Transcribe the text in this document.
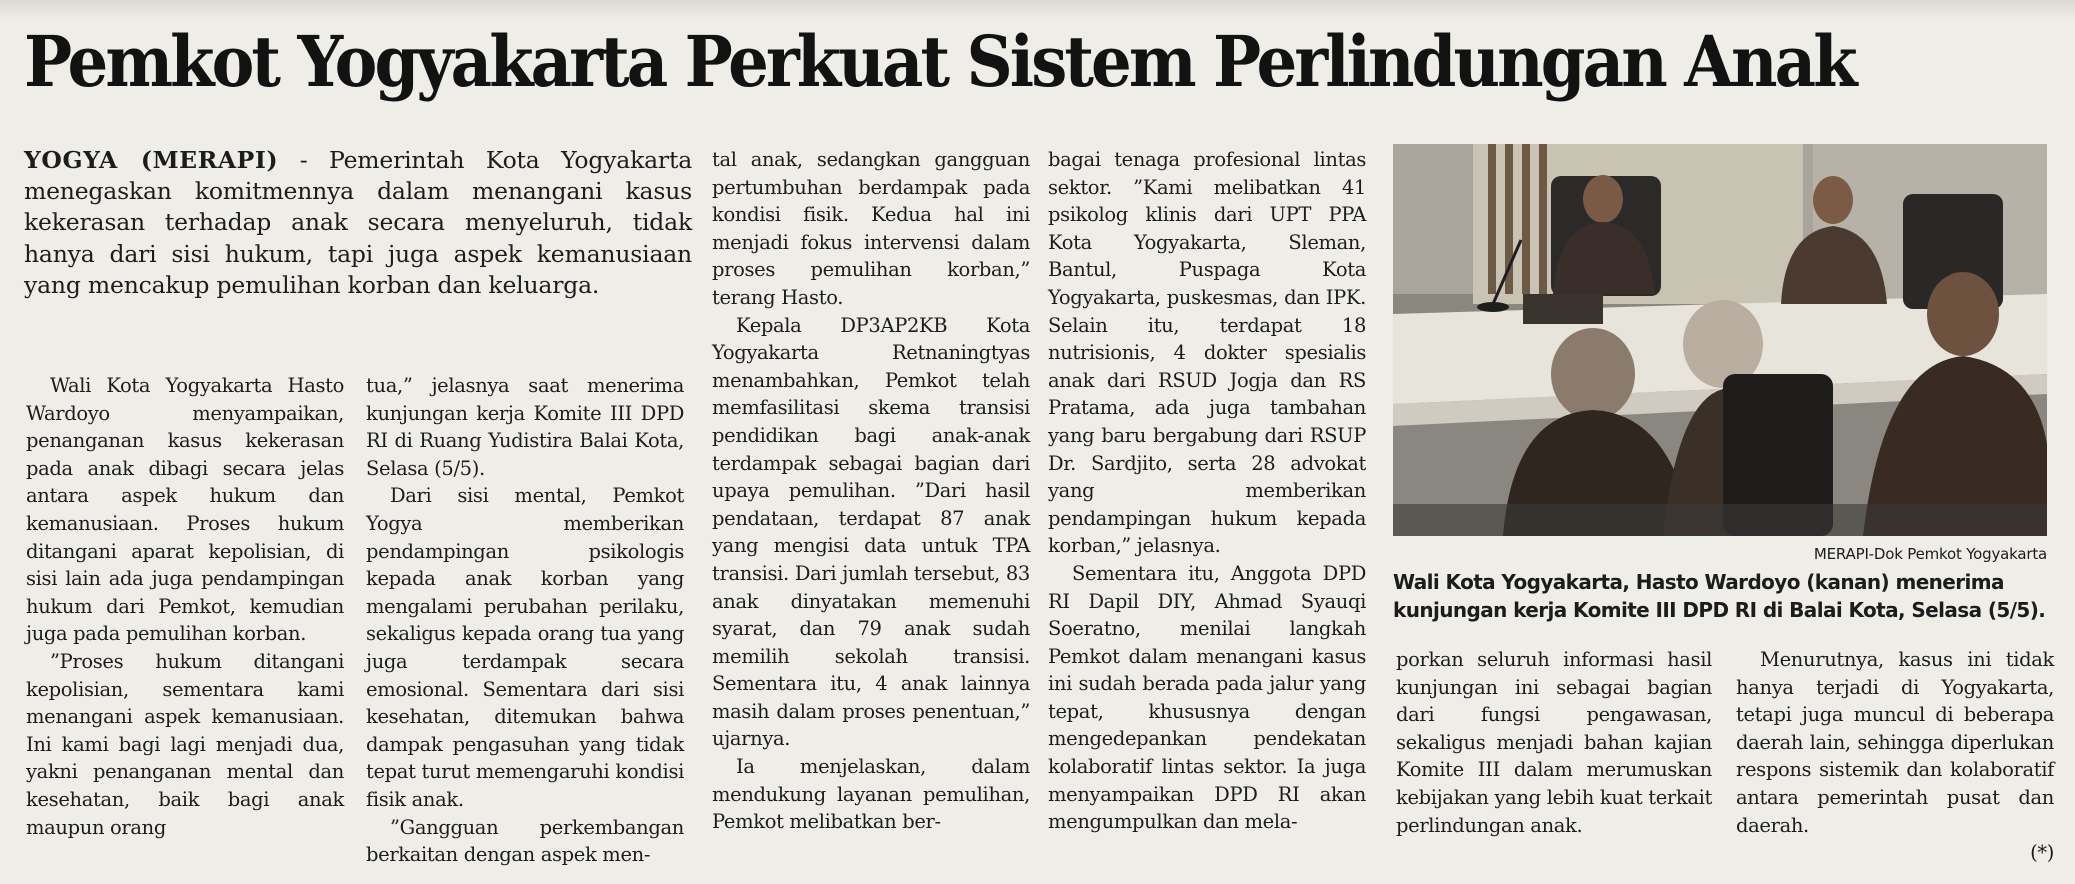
Pemkot Yogyakarta Perkuat Sistem Perlindungan Anak

YOGYA (MERAPI) - Pemerintah Kota Yogyakarta menegaskan komitmennya dalam menangani kasus kekerasan terhadap anak secara menyeluruh, tidak hanya dari sisi hukum, tapi juga aspek kemanusiaan yang mencakup pemulihan korban dan keluarga.

Wali Kota Yogyakarta Hasto Wardoyo menyampaikan, penanganan kasus kekerasan pada anak dibagi secara jelas antara aspek hukum dan kemanusiaan. Proses hukum ditangani aparat kepolisian, di sisi lain ada juga pendampingan hukum dari Pemkot, kemudian juga pada pemulihan korban.

”Proses hukum ditangani kepolisian, sementara kami menangani aspek kemanusiaan. Ini kami bagi lagi menjadi dua, yakni penanganan mental dan kesehatan, baik bagi anak maupun orang

tua,” jelasnya saat menerima kunjungan kerja Komite III DPD RI di Ruang Yudistira Balai Kota, Selasa (5/5).

Dari sisi mental, Pemkot Yogya memberikan pendampingan psikologis kepada anak korban yang mengalami perubahan perilaku, sekaligus kepada orang tua yang juga terdampak secara emosional. Sementara dari sisi kesehatan, ditemukan bahwa dampak pengasuhan yang tidak tepat turut memengaruhi kondisi fisik anak.

”Gangguan perkembangan berkaitan dengan aspek men-

tal anak, sedangkan gangguan pertumbuhan berdampak pada kondisi fisik. Kedua hal ini menjadi fokus intervensi dalam proses pemulihan korban,” terang Hasto.

Kepala DP3AP2KB Kota Yogyakarta Retnaningtyas menambahkan, Pemkot telah memfasilitasi skema transisi pendidikan bagi anak-anak terdampak sebagai bagian dari upaya pemulihan. ”Dari hasil pendataan, terdapat 87 anak yang mengisi data untuk TPA transisi. Dari jumlah tersebut, 83 anak dinyatakan memenuhi syarat, dan 79 anak sudah memilih sekolah transisi. Sementara itu, 4 anak lainnya masih dalam proses penentuan,” ujarnya.

Ia menjelaskan, dalam mendukung layanan pemulihan, Pemkot melibatkan ber-

bagai tenaga profesional lintas sektor. ”Kami melibatkan 41 psikolog klinis dari UPT PPA Kota Yogyakarta, Sleman, Bantul, Puspaga Kota Yogyakarta, puskesmas, dan IPK. Selain itu, terdapat 18 nutrisionis, 4 dokter spesialis anak dari RSUD Jogja dan RS Pratama, ada juga tambahan yang baru bergabung dari RSUP Dr. Sardjito, serta 28 advokat yang memberikan pendampingan hukum kepada korban,” jelasnya.

Sementara itu, Anggota DPD RI Dapil DIY, Ahmad Syauqi Soeratno, menilai langkah Pemkot dalam menangani kasus ini sudah berada pada jalur yang tepat, khususnya dengan mengedepankan pendekatan kolaboratif lintas sektor. Ia juga menyampaikan DPD RI akan mengumpulkan dan mela-

MERAPI-Dok Pemkot Yogyakarta

Wali Kota Yogyakarta, Hasto Wardoyo (kanan) menerima kunjungan kerja Komite III DPD RI di Balai Kota, Selasa (5/5).

porkan seluruh informasi hasil kunjungan ini sebagai bagian dari fungsi pengawasan, sekaligus menjadi bahan kajian Komite III dalam merumuskan kebijakan yang lebih kuat terkait perlindungan anak.

Menurutnya, kasus ini tidak hanya terjadi di Yogyakarta, tetapi juga muncul di beberapa daerah lain, sehingga diperlukan respons sistemik dan kolaboratif antara pemerintah pusat dan daerah.

(*)
